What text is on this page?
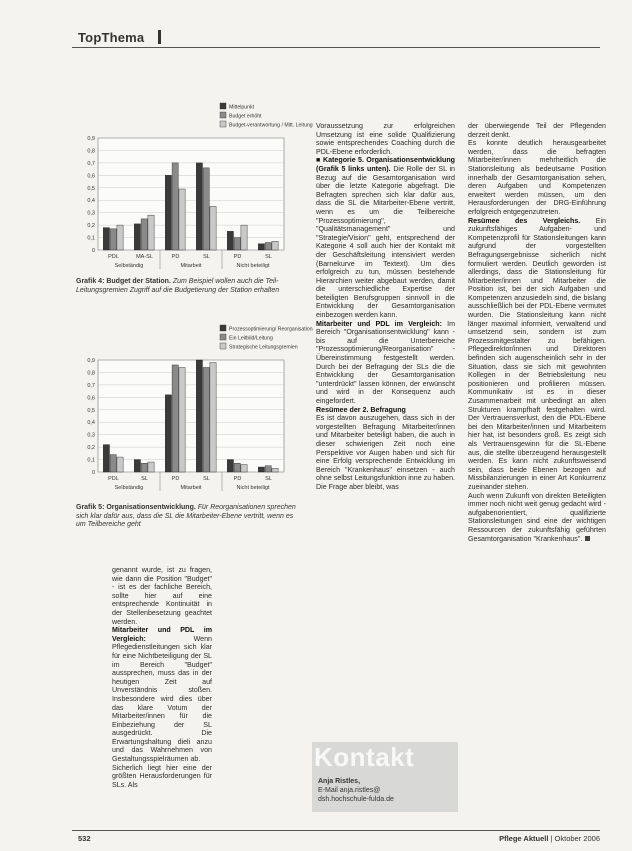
TopThema
Mittelpunkt
Budget erhöht
Budget-verantwortung / Mitt. Leitung
0,9
0,8
0,7
0,6
0,5
0,4
0,3
0,2
0,1
0
PDL	MA-SL	PD	SL	PD	SL
Selbständig	Mitarbeit	Nicht beteiligt
Grafik 4: Budget der Station. Zum Beispiel wollen auch die Teil-Leitungsgremien Zugriff auf die Budgetierung der Station erhalten
Prozessoptimierung/ Reorganisation
Ein Leitbild/Leitung
Strategische Leitungsgremien
0,9
0,8
0,7
0,6
0,5
0,4
0,3
0,2
0,1
0
PDL	SL	PD	SL	PD	SL
Selbständig	Mitarbeit	Nicht beteiligt
Grafik 5: Organisationsentwicklung. Für Reorganisationen sprechen sich klar dafür aus, dass die SL die Mitarbeiter-Ebene vertritt, wenn es um Teilbereiche geht

genannt wurde, ist zu fragen, wie dann die Position "Budget" - ist es der fachliche Bereich, sollte hier auf eine entsprechende Kontinuität in der Stellenbesetzung geachtet werden.

Mitarbeiter und PDL im Vergleich: Wenn Pflegedienstleitungen sich klar für eine Nichtbeteiligung der SL im Bereich "Budget" aussprechen, muss das in der heutigen Zeit auf Unverständnis stoßen. Insbesondere wird dies über das klare Votum der Mitarbeiter/innen für die Einbeziehung der SL ausgedrückt. Die Erwartungshaltung dieli anzu und das Wahrnehmen von Gestaltungsspielräumen ab.

Sicherlich liegt hier eine der größten Herausforderungen für SLs. Als

Voraussetzung zur erfolgreichen Umsetzung ist eine solide Qualifizierung sowie entsprechendes Coaching durch die PDL-Ebene erforderlich.

■ Kategorie 5. Organisationsentwicklung (Grafik 5 links unten). Die Rolle der SL in Bezug auf die Gesamtorganisation wird über die letzte Kategorie abgefragt. Die Befragten sprechen sich klar dafür aus, dass die SL die Mitarbeiter-Ebene vertritt, wenn es um die Teilbereiche "Prozessoptimierung", "Qualitätsmanagement" und "Strategie/Vision" geht, entsprechend der Kategorie 4 soll auch hier der Kontakt mit der Geschäftsleitung intensiviert werden (Barnekurve im Textext). Um dies erfolgreich zu tun, müssen bestehende Hierarchien weiter abgebaut werden, damit die unterschiedliche Expertise der beteiligten Berufsgruppen sinnvoll in die Entwicklung der Gesamtorganisation einbezogen werden kann.

Mitarbeiter und PDL im Vergleich: Im Bereich "Organisationsentwicklung" kann - bis auf die Unterbereiche "Prozessoptimierung/Reorganisation" - Übereinstimmung festgestellt werden. Durch bei der Befragung der SLs die die Entwicklung der Gesamtorganisation "unterdrückt" lassen können, der erwünscht und wird in der Konsequenz auch eingefordert.

Resümee der 2. Befragung

Es ist davon auszugehen, dass sich in der vorgestellten Befragung Mitarbeiter/innen und Mitarbeiter beteiligt haben, die auch in dieser schwierigen Zeit noch eine Perspektive vor Augen haben und sich für eine Erfolg versprechende Entwicklung im Bereich "Krankenhaus" einsetzen - auch ohne selbst Leitungsfunktion inne zu haben. Die Frage aber bleibt, was

der überwiegende Teil der Pflegenden derzeit denkt.

Es konnte deutlich herausgearbeitet werden, dass die befragten Mitarbeiter/innen mehrheitlich die Stationsleitung als bedeutsame Position innerhalb der Gesamtorganisation sehen, deren Aufgaben und Kompetenzen erweitert werden müssen, um den Herausforderungen der DRG-Einführung erfolgreich entgegenzutreten.

Resümee des Vergleichs. Ein zukunftsfähiges Aufgaben- und Kompetenzprofil für Stationsleitungen kann aufgrund der vorgestellten Befragungsergebnisse sicherlich nicht formuliert werden. Deutlich geworden ist allerdings, dass die Stationsleitung für Mitarbeiter/innen und Mitarbeiter die Position ist, bei der sich Aufgaben und Kompetenzen anzusiedeln sind, die bislang ausschließlich bei der PDL-Ebene vermutet wurden. Die Stationsleitung kann nicht länger maximal informiert, verwaltend und umsetzend sein, sondern ist zum Prozessmitgestalter zu befähigen. Pflegedirektor/innen und Direktoren befinden sich augenscheinlich sehr in der Situation, dass sie sich mit gewohnten Kollegen in der Betriebsleitung neu positionieren und profilieren müssen. Kommunikativ ist es in dieser Zusammenarbeit mit unbedingt an alten Strukturen krampfhaft festgehalten wird. Der Vertrauensverlust, den die PDL-Ebene bei den Mitarbeiter/innen und Mitarbeitern hier hat, ist besonders groß. Es zeigt sich als Vertrauensgewinn für die SL-Ebene aus, die stellte überzeugend herausgestellt werden. Es kann nicht zukunftsweisend sein, dass beide Ebenen bezogen auf Missbilanzierungen in einer Art Konkurrenz zueinander stehen.

Auch wenn Zukunft von direkten Beteiligten immer noch nicht weit genug gedacht wird - aufgabenorientiert, qualifizierte Stationsleitungen sind eine der wichtigen Ressourcen der zukunftsfähig geführten Gesamtorganisation "Krankenhaus".

Kontakt
Anja Ristles,
E-Mail anja.ristles@
dsh.hochschule-fulda.de
532	Pflege Aktuell | Oktober 2006
